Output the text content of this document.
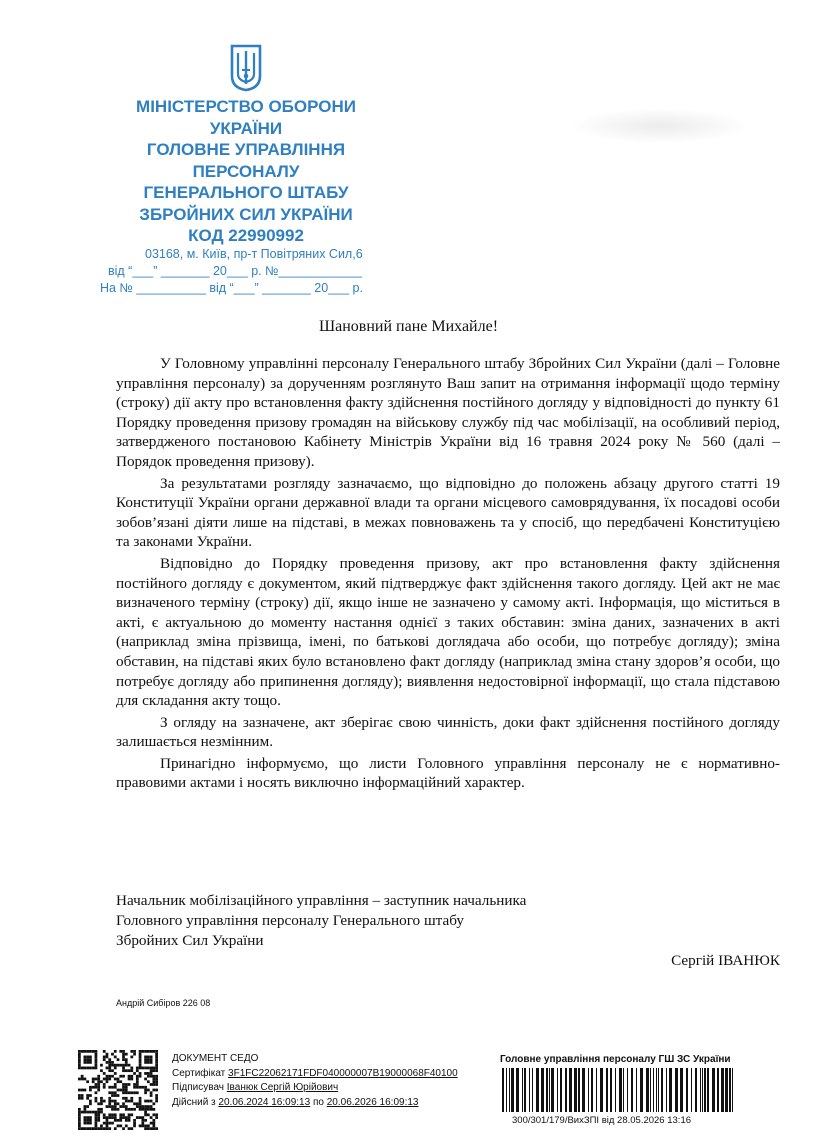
МІНІСТЕРСТВО ОБОРОНИ
УКРАЇНИ
ГОЛОВНЕ УПРАВЛІННЯ
ПЕРСОНАЛУ
ГЕНЕРАЛЬНОГО ШТАБУ
ЗБРОЙНИХ СИЛ УКРАЇНИ
КОД 22990992
03168, м. Київ, пр-т Повітряних Сил,6
від “___” _______ 20___ р. №____________
На № __________ від “___” _______ 20___ р.
Шановний пане Михайле!

У Головному управлінні персоналу Генерального штабу Збройних Сил України (далі – Головне управління персоналу) за дорученням розглянуто Ваш запит на отримання інформації щодо терміну (строку) дії акту про встановлення факту здійснення постійного догляду у відповідності до пункту 61 Порядку проведення призову громадян на військову службу під час мобілізації, на особливий період, затвердженого постановою Кабінету Міністрів України від 16 травня 2024 року № 560 (далі – Порядок проведення призову).

За результатами розгляду зазначаємо, що відповідно до положень абзацу другого статті 19 Конституції України органи державної влади та органи місцевого самоврядування, їх посадові особи зобов’язані діяти лише на підставі, в межах повноважень та у спосіб, що передбачені Конституцією та законами України.

Відповідно до Порядку проведення призову, акт про встановлення факту здійснення постійного догляду є документом, який підтверджує факт здійснення такого догляду. Цей акт не має визначеного терміну (строку) дії, якщо інше не зазначено у самому акті. Інформація, що міститься в акті, є актуальною до моменту настання однієї з таких обставин: зміна даних, зазначених в акті (наприклад зміна прізвища, імені, по батькові доглядача або особи, що потребує догляду); зміна обставин, на підставі яких було встановлено факт догляду (наприклад зміна стану здоров’я особи, що потребує догляду або припинення догляду); виявлення недостовірної інформації, що стала підставою для складання акту тощо.

З огляду на зазначене, акт зберігає свою чинність, доки факт здійснення постійного догляду залишається незмінним.

Принагідно інформуємо, що листи Головного управління персоналу не є нормативно-правовими актами і носять виключно інформаційний характер.

Начальник мобілізаційного управління – заступник начальника
Головного управління персоналу Генерального штабу
Збройних Сил України
Сергій ІВАНЮК
Андрій Сибіров 226 08
ДОКУМЕНТ СЕДО
Сертифікат 3F1FC22062171FDF040000007B19000068F40100
Підписувач Іванюк Сергій Юрійович
Дійсний з 20.06.2024 16:09:13 по 20.06.2026 16:09:13
Головне управління персоналу ГШ ЗС України
300/301/179/ВихЗПІ від 28.05.2026 13:16
